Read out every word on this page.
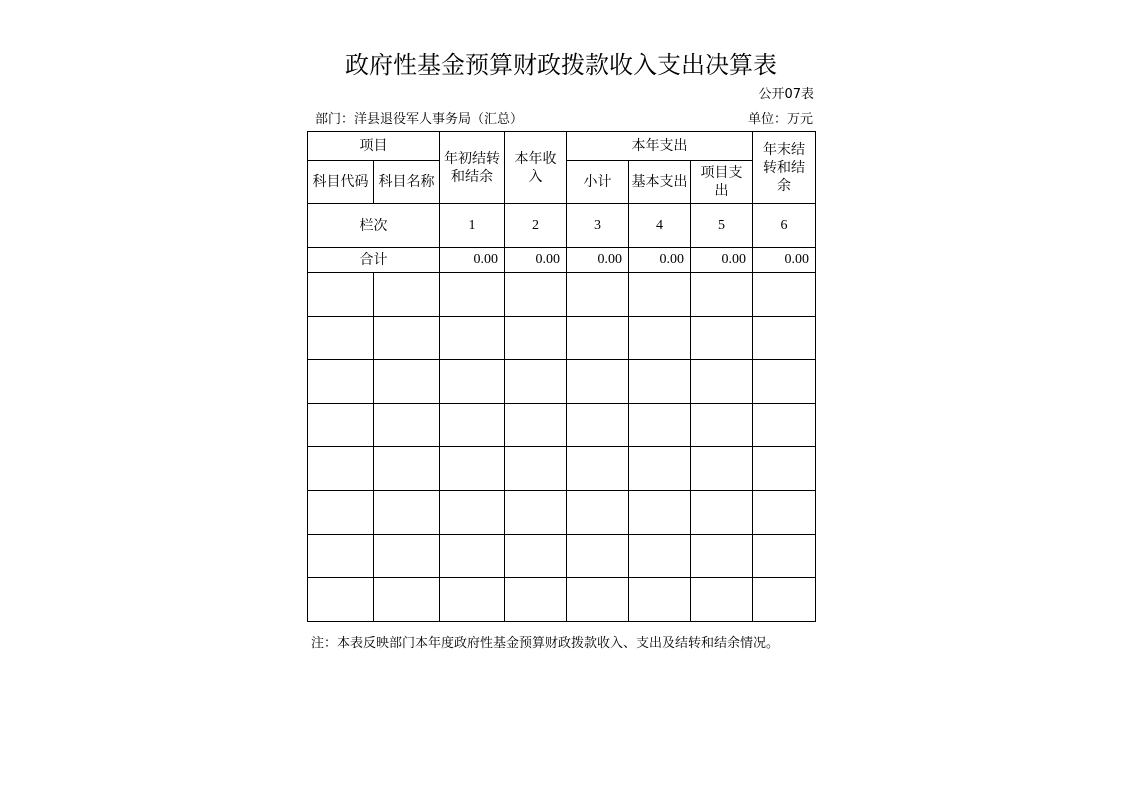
政府性基金预算财政拨款收入支出决算表
公开07表
部门：洋县退役军人事务局（汇总）	单位：万元
项目		年初结转和结余	本年收入	本年支出			年末结转和结余
科目代码	科目名称			小计	基本支出	项目支出	
栏次		1	2	3	4	5	6
合计		0.00	0.00	0.00	0.00	0.00	0.00

注：本表反映部门本年度政府性基金预算财政拨款收入、支出及结转和结余情况。
